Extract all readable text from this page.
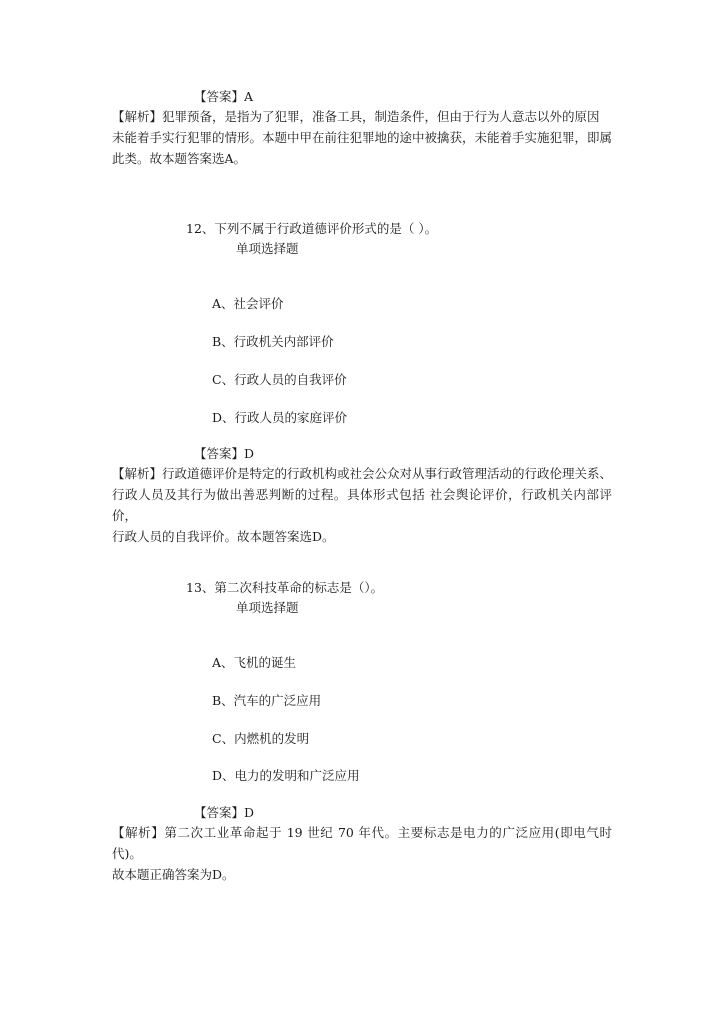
【答案】A

【解析】犯罪预备，是指为了犯罪，准备工具，制造条件，但由于行为人意志以外的原因

未能着手实行犯罪的情形。本题中甲在前往犯罪地的途中被擒获，未能着手实施犯罪，即属

此类。故本题答案选A。

12、下列不属于行政道德评价形式的是（ ）。
单项选择题
A、社会评价
B、行政机关内部评价
C、行政人员的自我评价
D、行政人员的家庭评价
【答案】D

【解析】行政道德评价是特定的行政机构或社会公众对从事行政管理活动的行政伦理关系、

行政人员及其行为做出善恶判断的过程。具体形式包括 社会舆论评价，行政机关内部评价，

行政人员的自我评价。故本题答案选D。

13、第二次科技革命的标志是（）。
单项选择题
A、飞机的诞生
B、汽车的广泛应用
C、内燃机的发明
D、电力的发明和广泛应用
【答案】D

【解析】第二次工业革命起于 19 世纪 70 年代。主要标志是电力的广泛应用(即电气时代)。

故本题正确答案为D。
